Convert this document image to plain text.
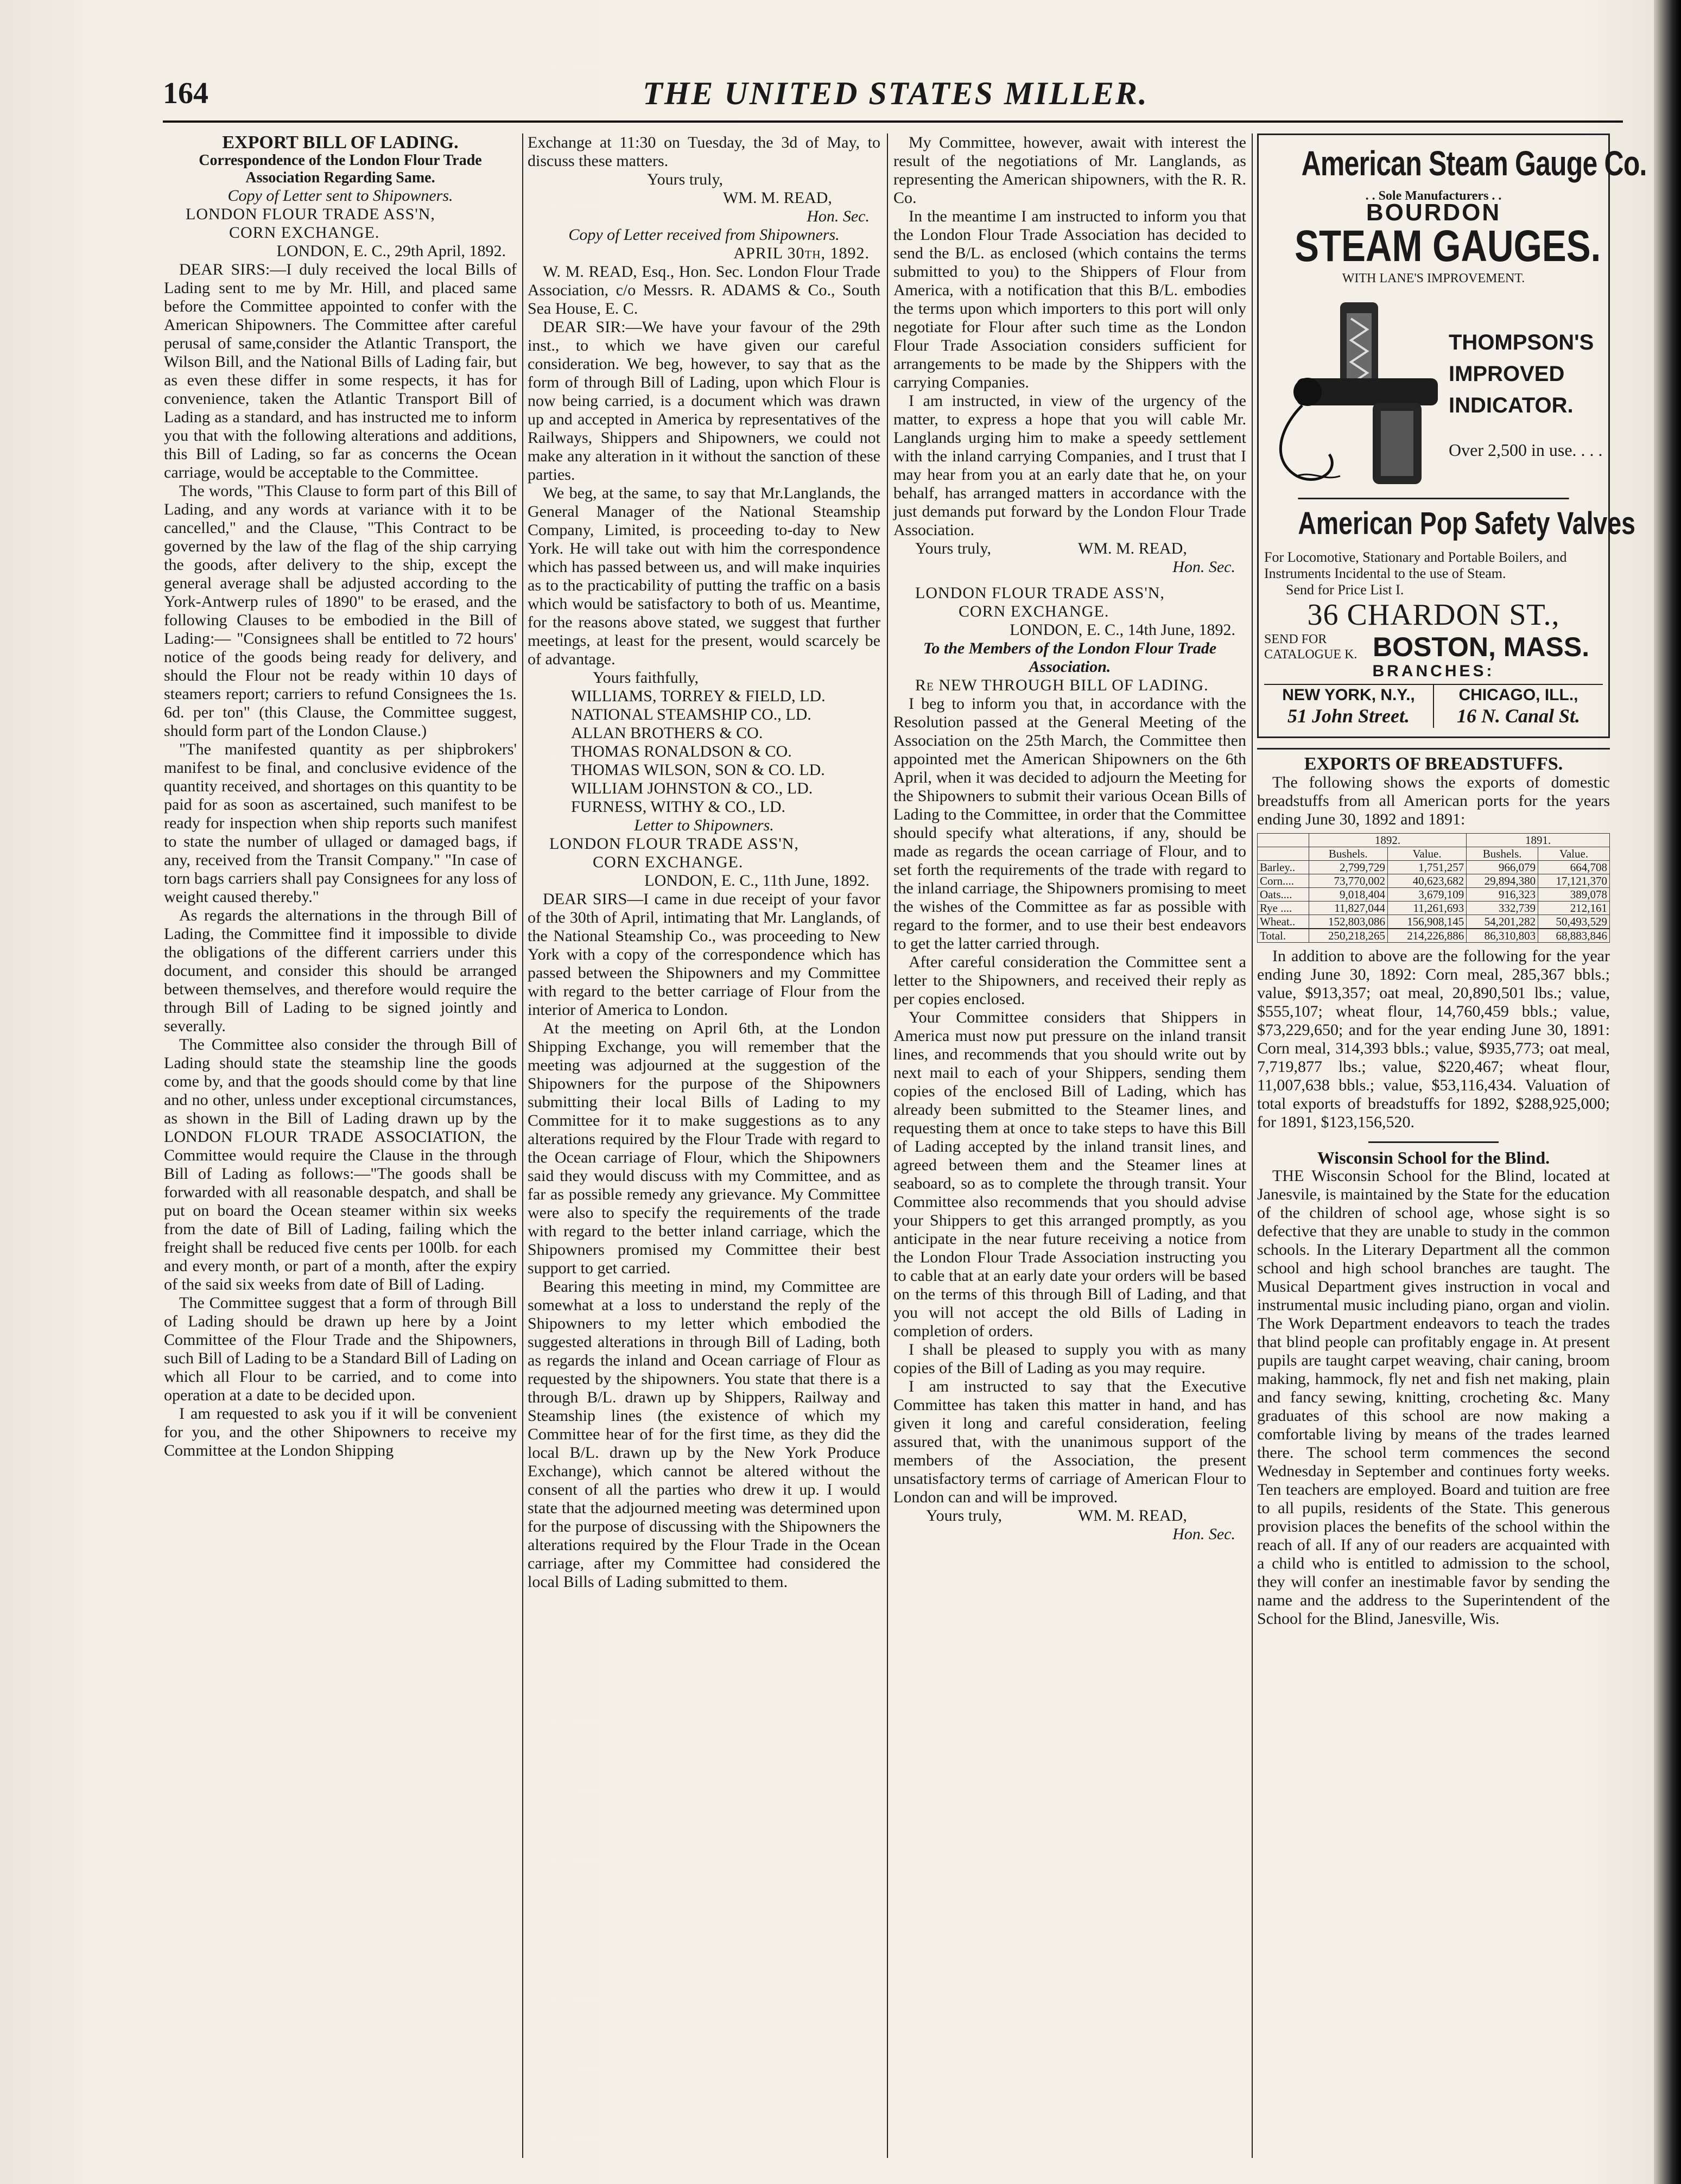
164	THE UNITED STATES MILLER.

EXPORT BILL OF LADING.

Correspondence of the London Flour Trade Association Regarding Same.

Copy of Letter sent to Shipowners.

LONDON FLOUR TRADE ASS'N,

CORN EXCHANGE.

LONDON, E. C., 29th April, 1892.

DEAR SIRS:—I duly received the local Bills of Lading sent to me by Mr. Hill, and placed same before the Committee appointed to confer with the American Shipowners. The Committee after careful perusal of same,consider the Atlantic Transport, the Wilson Bill, and the National Bills of Lading fair, but as even these differ in some respects, it has for convenience, taken the Atlantic Transport Bill of Lading as a standard, and has instructed me to inform you that with the following alterations and additions, this Bill of Lading, so far as concerns the Ocean carriage, would be acceptable to the Committee.

The words, "This Clause to form part of this Bill of Lading, and any words at variance with it to be cancelled," and the Clause, "This Contract to be governed by the law of the flag of the ship carrying the goods, after delivery to the ship, except the general average shall be adjusted according to the York-Antwerp rules of 1890" to be erased, and the following Clauses to be embodied in the Bill of Lading:— "Consignees shall be entitled to 72 hours' notice of the goods being ready for delivery, and should the Flour not be ready within 10 days of steamers report; carriers to refund Consignees the 1s. 6d. per ton" (this Clause, the Committee suggest, should form part of the London Clause.)

"The manifested quantity as per shipbrokers' manifest to be final, and conclusive evidence of the quantity received, and shortages on this quantity to be paid for as soon as ascertained, such manifest to be ready for inspection when ship reports such manifest to state the number of ullaged or damaged bags, if any, received from the Transit Company." "In case of torn bags carriers shall pay Consignees for any loss of weight caused thereby."

As regards the alternations in the through Bill of Lading, the Committee find it impossible to divide the obligations of the different carriers under this document, and consider this should be arranged between themselves, and therefore would require the through Bill of Lading to be signed jointly and severally.

The Committee also consider the through Bill of Lading should state the steamship line the goods come by, and that the goods should come by that line and no other, unless under exceptional circumstances, as shown in the Bill of Lading drawn up by the LONDON FLOUR TRADE ASSOCIATION, the Committee would require the Clause in the through Bill of Lading as follows:—"The goods shall be forwarded with all reasonable despatch, and shall be put on board the Ocean steamer within six weeks from the date of Bill of Lading, failing which the freight shall be reduced five cents per 100lb. for each and every month, or part of a month, after the expiry of the said six weeks from date of Bill of Lading.

The Committee suggest that a form of through Bill of Lading should be drawn up here by a Joint Committee of the Flour Trade and the Shipowners, such Bill of Lading to be a Standard Bill of Lading on which all Flour to be carried, and to come into operation at a date to be decided upon.

I am requested to ask you if it will be convenient for you, and the other Shipowners to receive my Committee at the London Shipping

Exchange at 11:30 on Tuesday, the 3d of May, to discuss these matters.

Yours truly,

WM. M. READ,

Hon. Sec.

Copy of Letter received from Shipowners.

APRIL 30th, 1892.

W. M. READ, Esq., Hon. Sec. London Flour Trade Association, c/o Messrs. R. ADAMS & Co., South Sea House, E. C.

DEAR SIR:—We have your favour of the 29th inst., to which we have given our careful consideration. We beg, however, to say that as the form of through Bill of Lading, upon which Flour is now being carried, is a document which was drawn up and accepted in America by representatives of the Railways, Shippers and Shipowners, we could not make any alteration in it without the sanction of these parties.

We beg, at the same, to say that Mr.Langlands, the General Manager of the National Steamship Company, Limited, is proceeding to-day to New York. He will take out with him the correspondence which has passed between us, and will make inquiries as to the practicability of putting the traffic on a basis which would be satisfactory to both of us. Meantime, for the reasons above stated, we suggest that further meetings, at least for the present, would scarcely be of advantage.

Yours faithfully,

WILLIAMS, TORREY & FIELD, LD.

NATIONAL STEAMSHIP CO., LD.

ALLAN BROTHERS & CO.

THOMAS RONALDSON & CO.

THOMAS WILSON, SON & CO. LD.

WILLIAM JOHNSTON & CO., LD.

FURNESS, WITHY & CO., LD.

Letter to Shipowners.

LONDON FLOUR TRADE ASS'N,

CORN EXCHANGE.

LONDON, E. C., 11th June, 1892.

DEAR SIRS—I came in due receipt of your favor of the 30th of April, intimating that Mr. Langlands, of the National Steamship Co., was proceeding to New York with a copy of the correspondence which has passed between the Shipowners and my Committee with regard to the better carriage of Flour from the interior of America to London.

At the meeting on April 6th, at the London Shipping Exchange, you will remember that the meeting was adjourned at the suggestion of the Shipowners for the purpose of the Shipowners submitting their local Bills of Lading to my Committee for it to make suggestions as to any alterations required by the Flour Trade with regard to the Ocean carriage of Flour, which the Shipowners said they would discuss with my Committee, and as far as possible remedy any grievance. My Committee were also to specify the requirements of the trade with regard to the better inland carriage, which the Shipowners promised my Committee their best support to get carried.

Bearing this meeting in mind, my Committee are somewhat at a loss to understand the reply of the Shipowners to my letter which embodied the suggested alterations in through Bill of Lading, both as regards the inland and Ocean carriage of Flour as requested by the shipowners. You state that there is a through B/L. drawn up by Shippers, Railway and Steamship lines (the existence of which my Committee hear of for the first time, as they did the local B/L. drawn up by the New York Produce Exchange), which cannot be altered without the consent of all the parties who drew it up. I would state that the adjourned meeting was determined upon for the purpose of discussing with the Shipowners the alterations required by the Flour Trade in the Ocean carriage, after my Committee had considered the local Bills of Lading submitted to them.

My Committee, however, await with interest the result of the negotiations of Mr. Langlands, as representing the American shipowners, with the R. R. Co.

In the meantime I am instructed to inform you that the London Flour Trade Association has decided to send the B/L. as enclosed (which contains the terms submitted to you) to the Shippers of Flour from America, with a notification that this B/L. embodies the terms upon which importers to this port will only negotiate for Flour after such time as the London Flour Trade Association considers sufficient for arrangements to be made by the Shippers with the carrying Companies.

I am instructed, in view of the urgency of the matter, to express a hope that you will cable Mr. Langlands urging him to make a speedy settlement with the inland carrying Companies, and I trust that I may hear from you at an early date that he, on your behalf, has arranged matters in accordance with the just demands put forward by the London Flour Trade Association.

Yours truly,	WM. M. READ,

Hon. Sec.

LONDON FLOUR TRADE ASS'N,

CORN EXCHANGE.

LONDON, E. C., 14th June, 1892.

To the Members of the London Flour Trade Association.

Re NEW THROUGH BILL OF LADING.

I beg to inform you that, in accordance with the Resolution passed at the General Meeting of the Association on the 25th March, the Committee then appointed met the American Shipowners on the 6th April, when it was decided to adjourn the Meeting for the Shipowners to submit their various Ocean Bills of Lading to the Committee, in order that the Committee should specify what alterations, if any, should be made as regards the ocean carriage of Flour, and to set forth the requirements of the trade with regard to the inland carriage, the Shipowners promising to meet the wishes of the Committee as far as possible with regard to the former, and to use their best endeavors to get the latter carried through.

After careful consideration the Committee sent a letter to the Shipowners, and received their reply as per copies enclosed.

Your Committee considers that Shippers in America must now put pressure on the inland transit lines, and recommends that you should write out by next mail to each of your Shippers, sending them copies of the enclosed Bill of Lading, which has already been submitted to the Steamer lines, and requesting them at once to take steps to have this Bill of Lading accepted by the inland transit lines, and agreed between them and the Steamer lines at seaboard, so as to complete the through transit. Your Committee also recommends that you should advise your Shippers to get this arranged promptly, as you anticipate in the near future receiving a notice from the London Flour Trade Association instructing you to cable that at an early date your orders will be based on the terms of this through Bill of Lading, and that you will not accept the old Bills of Lading in completion of orders.

I shall be pleased to supply you with as many copies of the Bill of Lading as you may require.

I am instructed to say that the Executive Committee has taken this matter in hand, and has given it long and careful consideration, feeling assured that, with the unanimous support of the members of the Association, the present unsatisfactory terms of carriage of American Flour to London can and will be improved.

Yours truly,	WM. M. READ,

Hon. Sec.

American Steam Gauge Co.
. . Sole Manufacturers . .
BOURDON
STEAM GAUGES.
WITH LANE'S IMPROVEMENT.
THOMPSON'S
IMPROVED
INDICATOR.
Over 2,500 in use. . . .
American Pop Safety Valves
For Locomotive, Stationary and Portable Boilers, and Instruments Incidental to the use of Steam.
Send for Price List I.
36 CHARDON ST.,
SEND FOR CATALOGUE K. BOSTON, MASS.
BRANCHES:
NEW YORK, N.Y.,
51 John Street.
CHICAGO, ILL.,
16 N. Canal St.

EXPORTS OF BREADSTUFFS.

The following shows the exports of domestic breadstuffs from all American ports for the years ending June 30, 1892 and 1891:

	1892.		1891.	
	Bushels.	Value.	Bushels.	Value.
Barley..	2,799,729	1,751,257	966,079	664,708
Corn....	73,770,002	40,623,682	29,894,380	17,121,370
Oats....	9,018,404	3,679,109	916,323	389,078
Rye ....	11,827,044	11,261,693	332,739	212,161
Wheat..	152,803,086	156,908,145	54,201,282	50,493,529
Total.	250,218,265	214,226,886	86,310,803	68,883,846

In addition to above are the following for the year ending June 30, 1892: Corn meal, 285,367 bbls.; value, $913,357; oat meal, 20,890,501 lbs.; value, $555,107; wheat flour, 14,760,459 bbls.; value, $73,229,650; and for the year ending June 30, 1891: Corn meal, 314,393 bbls.; value, $935,773; oat meal, 7,719,877 lbs.; value, $220,467; wheat flour, 11,007,638 bbls.; value, $53,116,434. Valuation of total exports of breadstuffs for 1892, $288,925,000; for 1891, $123,156,520.

Wisconsin School for the Blind.

THE Wisconsin School for the Blind, located at Janesvile, is maintained by the State for the education of the children of school age, whose sight is so defective that they are unable to study in the common schools. In the Literary Department all the common school and high school branches are taught. The Musical Department gives instruction in vocal and instrumental music including piano, organ and violin. The Work Department endeavors to teach the trades that blind people can profitably engage in. At present pupils are taught carpet weaving, chair caning, broom making, hammock, fly net and fish net making, plain and fancy sewing, knitting, crocheting &c. Many graduates of this school are now making a comfortable living by means of the trades learned there. The school term commences the second Wednesday in September and continues forty weeks. Ten teachers are employed. Board and tuition are free to all pupils, residents of the State. This generous provision places the benefits of the school within the reach of all. If any of our readers are acquainted with a child who is entitled to admission to the school, they will confer an inestimable favor by sending the name and the address to the Superintendent of the School for the Blind, Janesville, Wis.
